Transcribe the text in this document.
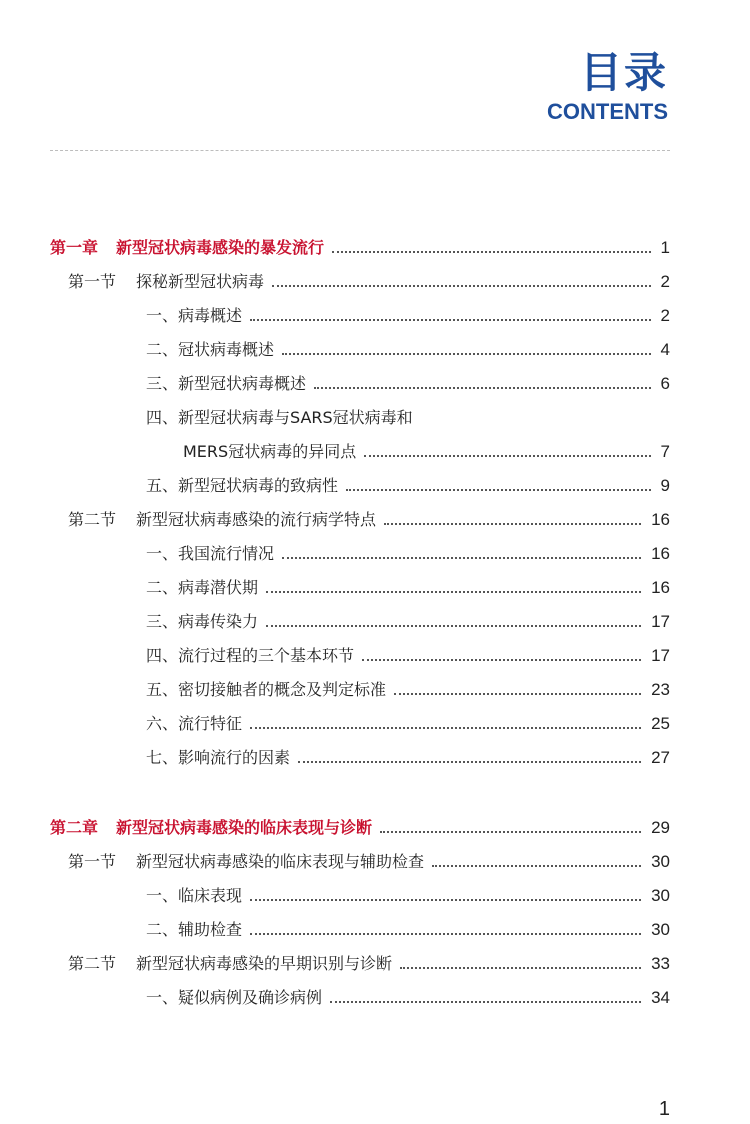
目录
CONTENTS
第一章 新型冠状病毒感染的暴发流行	1
第一节 探秘新型冠状病毒	2
一、病毒概述	2
二、冠状病毒概述	4
三、新型冠状病毒概述	6
四、新型冠状病毒与SARS冠状病毒和
MERS冠状病毒的异同点	7
五、新型冠状病毒的致病性	9
第二节 新型冠状病毒感染的流行病学特点	16
一、我国流行情况	16
二、病毒潜伏期	16
三、病毒传染力	17
四、流行过程的三个基本环节	17
五、密切接触者的概念及判定标准	23
六、流行特征	25
七、影响流行的因素	27
第二章 新型冠状病毒感染的临床表现与诊断	29
第一节 新型冠状病毒感染的临床表现与辅助检查	30
一、临床表现	30
二、辅助检查	30
第二节 新型冠状病毒感染的早期识别与诊断	33
一、疑似病例及确诊病例	34
1
